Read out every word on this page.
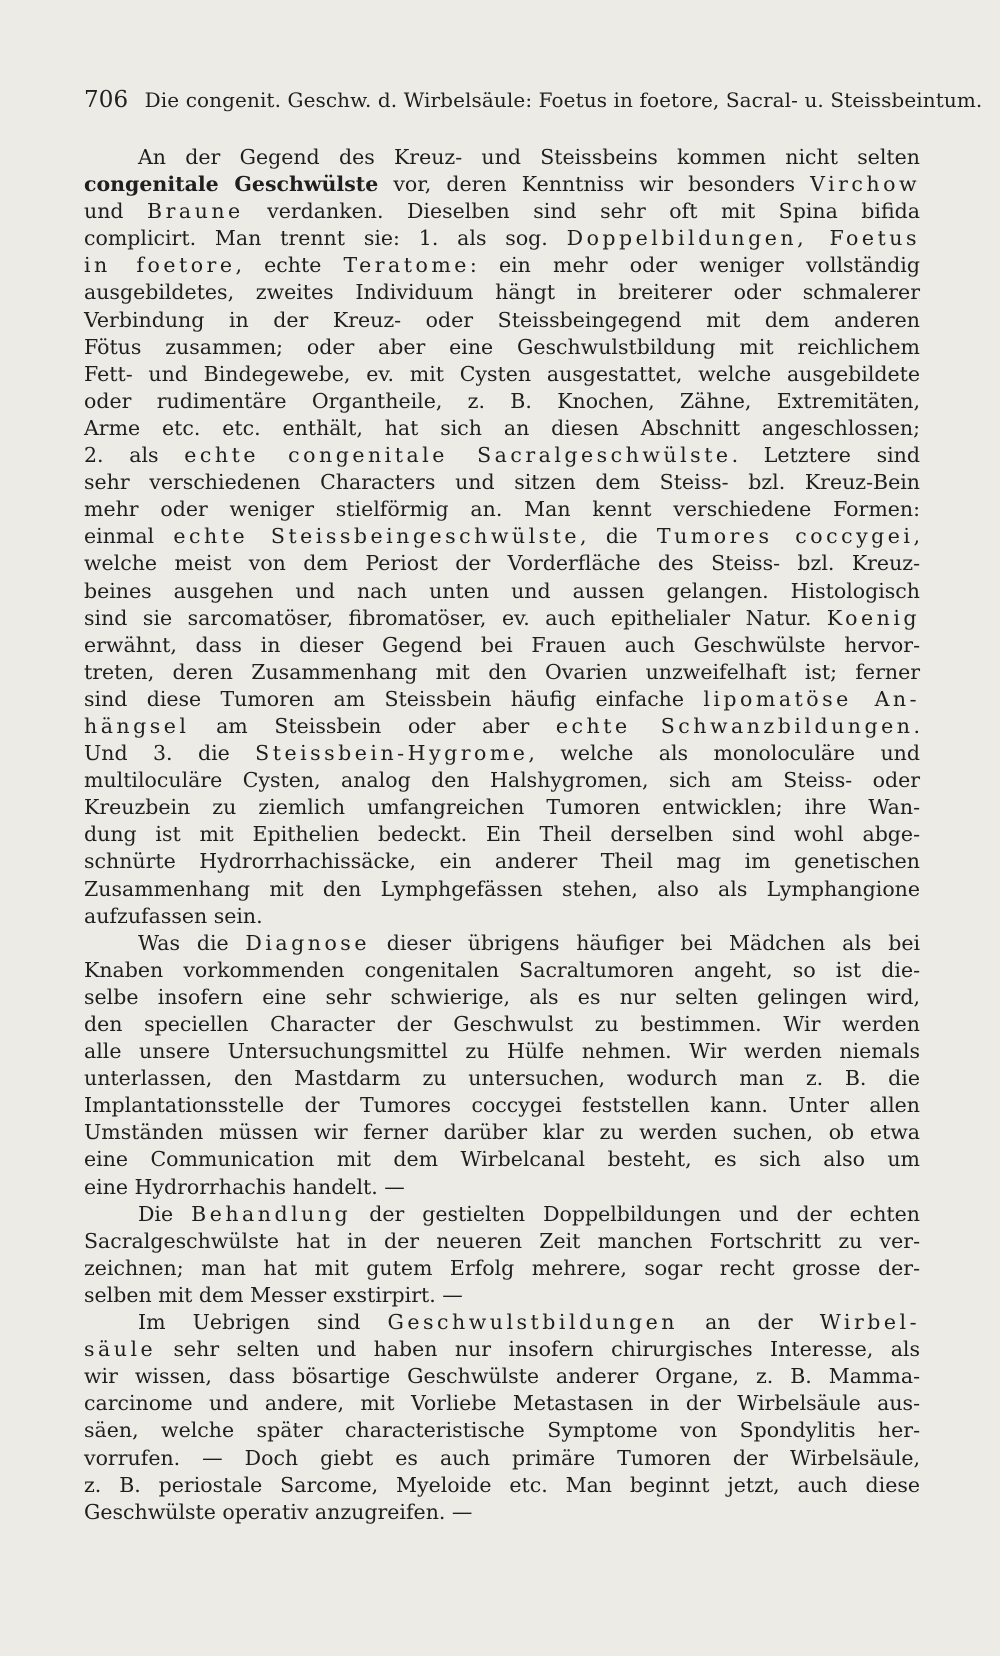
706 Die congenit. Geschw. d. Wirbelsäule: Foetus in foetore, Sacral- u. Steissbeintum.
An der Gegend des Kreuz- und Steissbeins kommen nicht selten
congenitale Geschwülste vor, deren Kenntniss wir besonders Virchow
und Braune verdanken. Dieselben sind sehr oft mit Spina bifida
complicirt. Man trennt sie: 1. als sog. Doppelbildungen, Foetus
in foetore, echte Teratome: ein mehr oder weniger vollständig
ausgebildetes, zweites Individuum hängt in breiterer oder schmalerer
Verbindung in der Kreuz- oder Steissbeingegend mit dem anderen
Fötus zusammen; oder aber eine Geschwulstbildung mit reichlichem
Fett- und Bindegewebe, ev. mit Cysten ausgestattet, welche ausgebildete
oder rudimentäre Organtheile, z. B. Knochen, Zähne, Extremitäten,
Arme etc. etc. enthält, hat sich an diesen Abschnitt angeschlossen;
2. als echte congenitale Sacralgeschwülste. Letztere sind
sehr verschiedenen Characters und sitzen dem Steiss- bzl. Kreuz-Bein
mehr oder weniger stielförmig an. Man kennt verschiedene Formen:
einmal echte Steissbeingeschwülste, die Tumores coccygei,
welche meist von dem Periost der Vorderfläche des Steiss- bzl. Kreuz-
beines ausgehen und nach unten und aussen gelangen. Histologisch
sind sie sarcomatöser, fibromatöser, ev. auch epithelialer Natur. Koenig
erwähnt, dass in dieser Gegend bei Frauen auch Geschwülste hervor-
treten, deren Zusammenhang mit den Ovarien unzweifelhaft ist; ferner
sind diese Tumoren am Steissbein häufig einfache lipomatöse An-
hängsel am Steissbein oder aber echte Schwanzbildungen.
Und 3. die Steissbein-Hygrome, welche als monoloculäre und
multiloculäre Cysten, analog den Halshygromen, sich am Steiss- oder
Kreuzbein zu ziemlich umfangreichen Tumoren entwicklen; ihre Wan-
dung ist mit Epithelien bedeckt. Ein Theil derselben sind wohl abge-
schnürte Hydrorrhachissäcke, ein anderer Theil mag im genetischen
Zusammenhang mit den Lymphgefässen stehen, also als Lymphangione
aufzufassen sein.
Was die Diagnose dieser übrigens häufiger bei Mädchen als bei
Knaben vorkommenden congenitalen Sacraltumoren angeht, so ist die-
selbe insofern eine sehr schwierige, als es nur selten gelingen wird,
den speciellen Character der Geschwulst zu bestimmen. Wir werden
alle unsere Untersuchungsmittel zu Hülfe nehmen. Wir werden niemals
unterlassen, den Mastdarm zu untersuchen, wodurch man z. B. die
Implantationsstelle der Tumores coccygei feststellen kann. Unter allen
Umständen müssen wir ferner darüber klar zu werden suchen, ob etwa
eine Communication mit dem Wirbelcanal besteht, es sich also um
eine Hydrorrhachis handelt. —
Die Behandlung der gestielten Doppelbildungen und der echten
Sacralgeschwülste hat in der neueren Zeit manchen Fortschritt zu ver-
zeichnen; man hat mit gutem Erfolg mehrere, sogar recht grosse der-
selben mit dem Messer exstirpirt. —
Im Uebrigen sind Geschwulstbildungen an der Wirbel-
säule sehr selten und haben nur insofern chirurgisches Interesse, als
wir wissen, dass bösartige Geschwülste anderer Organe, z. B. Mamma-
carcinome und andere, mit Vorliebe Metastasen in der Wirbelsäule aus-
säen, welche später characteristische Symptome von Spondylitis her-
vorrufen. — Doch giebt es auch primäre Tumoren der Wirbelsäule,
z. B. periostale Sarcome, Myeloide etc. Man beginnt jetzt, auch diese
Geschwülste operativ anzugreifen. —
